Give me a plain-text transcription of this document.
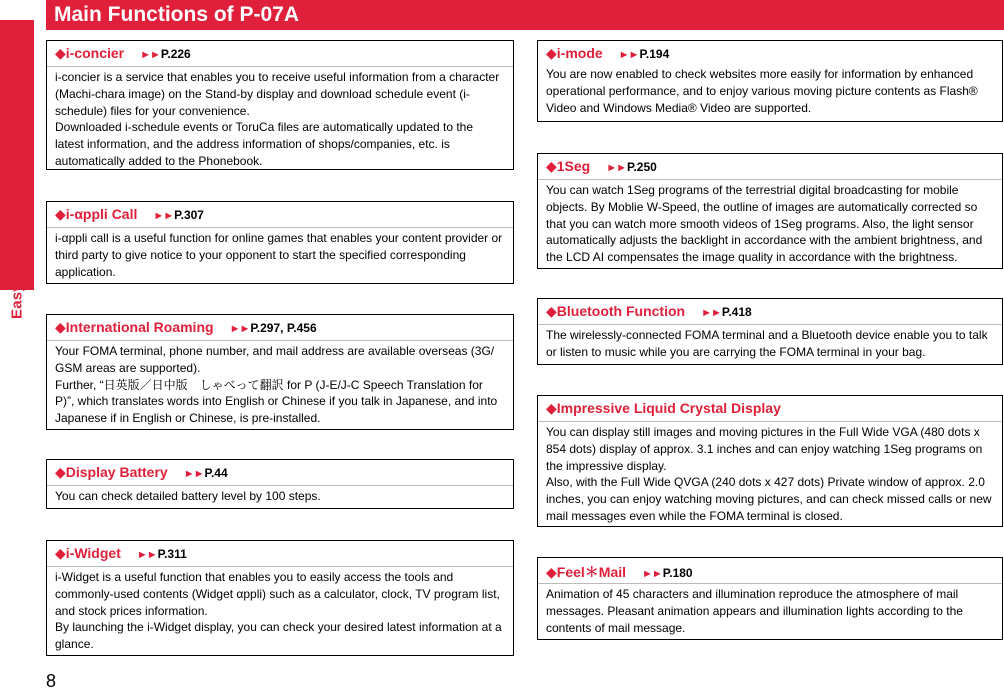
Easy Search/Contents/Precautions
Main Functions of P-07A
◆i-concier ►►P.226

i-concier is a service that enables you to receive useful information from a character (Machi-chara image) on the Stand-by display and download schedule event (i-schedule) files for your convenience.

Downloaded i-schedule events or ToruCa files are automatically updated to the latest information, and the address information of shops/companies, etc. is automatically added to the Phonebook.

◆i-αppli Call ►►P.307

i-αppli call is a useful function for online games that enables your content provider or third party to give notice to your opponent to start the specified corresponding application.

◆International Roaming ►►P.297, P.456

Your FOMA terminal, phone number, and mail address are available overseas (3G/ GSM areas are supported).

Further, “日英版／日中版　しゃべって翻訳 for P (J-E/J-C Speech Translation for P)”, which translates words into English or Chinese if you talk in Japanese, and into Japanese if in English or Chinese, is pre-installed.

◆Display Battery ►►P.44

You can check detailed battery level by 100 steps.

◆i-Widget ►►P.311

i-Widget is a useful function that enables you to easily access the tools and commonly-used contents (Widget αppli) such as a calculator, clock, TV program list, and stock prices information.

By launching the i-Widget display, you can check your desired latest information at a glance.

◆i-mode ►►P.194

You are now enabled to check websites more easily for information by enhanced operational performance, and to enjoy various moving picture contents as Flash® Video and Windows Media® Video are supported.

◆1Seg ►►P.250

You can watch 1Seg programs of the terrestrial digital broadcasting for mobile objects. By Moblie W-Speed, the outline of images are automatically corrected so that you can watch more smooth videos of 1Seg programs. Also, the light sensor automatically adjusts the backlight in accordance with the ambient brightness, and the LCD AI compensates the image quality in accordance with the brightness.

◆Bluetooth Function ►►P.418

The wirelessly-connected FOMA terminal and a Bluetooth device enable you to talk or listen to music while you are carrying the FOMA terminal in your bag.

◆Impressive Liquid Crystal Display

You can display still images and moving pictures in the Full Wide VGA (480 dots x 854 dots) display of approx. 3.1 inches and can enjoy watching 1Seg programs on the impressive display.

Also, with the Full Wide QVGA (240 dots x 427 dots) Private window of approx. 2.0 inches, you can enjoy watching moving pictures, and can check missed calls or new mail messages even while the FOMA terminal is closed.

◆Feel＊Mail ►►P.180

Animation of 45 characters and illumination reproduce the atmosphere of mail messages. Pleasant animation appears and illumination lights according to the contents of mail message.

8
